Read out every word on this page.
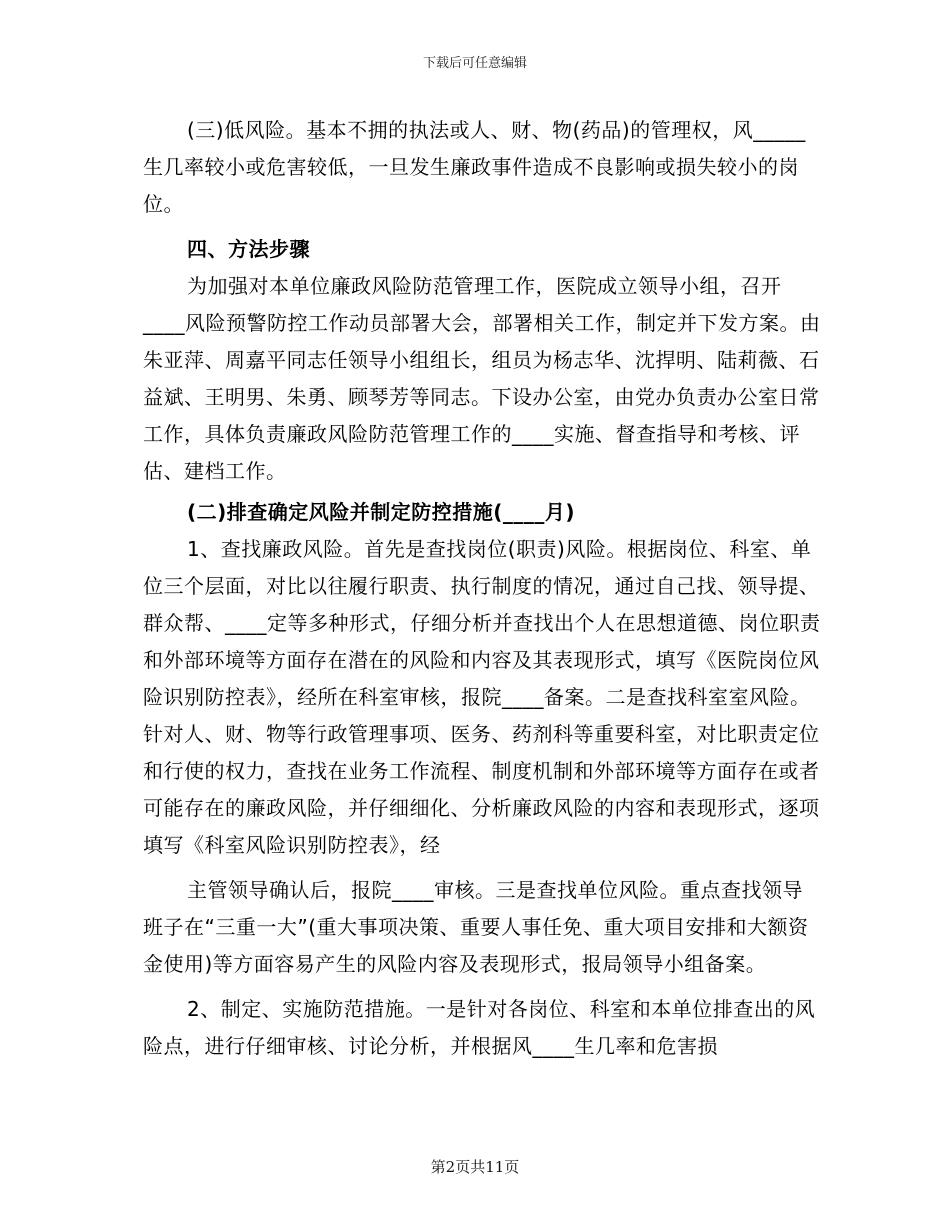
下载后可任意编辑

(三)低风险。基本不拥的执法或人、财、物(药品)的管理权，风_____生几率较小或危害较低，一旦发生廉政事件造成不良影响或损失较小的岗位。

四、方法步骤

为加强对本单位廉政风险防范管理工作，医院成立领导小组，召开____风险预警防控工作动员部署大会，部署相关工作，制定并下发方案。由朱亚萍、周嘉平同志任领导小组组长，组员为杨志华、沈捍明、陆莉薇、石益斌、王明男、朱勇、顾琴芳等同志。下设办公室，由党办负责办公室日常工作，具体负责廉政风险防范管理工作的____实施、督查指导和考核、评估、建档工作。

(二)排查确定风险并制定防控措施(____月)

1、查找廉政风险。首先是查找岗位(职责)风险。根据岗位、科室、单位三个层面，对比以往履行职责、执行制度的情况，通过自己找、领导提、群众帮、____定等多种形式，仔细分析并查找出个人在思想道德、岗位职责和外部环境等方面存在潜在的风险和内容及其表现形式，填写《医院岗位风险识别防控表》，经所在科室审核，报院____备案。二是查找科室室风险。针对人、财、物等行政管理事项、医务、药剂科等重要科室，对比职责定位和行使的权力，查找在业务工作流程、制度机制和外部环境等方面存在或者可能存在的廉政风险，并仔细细化、分析廉政风险的内容和表现形式，逐项填写《科室风险识别防控表》，经

主管领导确认后，报院____审核。三是查找单位风险。重点查找领导班子在“三重一大”(重大事项决策、重要人事任免、重大项目安排和大额资金使用)等方面容易产生的风险内容及表现形式，报局领导小组备案。

2、制定、实施防范措施。一是针对各岗位、科室和本单位排查出的风险点，进行仔细审核、讨论分析，并根据风____生几率和危害损

第2页共11页
